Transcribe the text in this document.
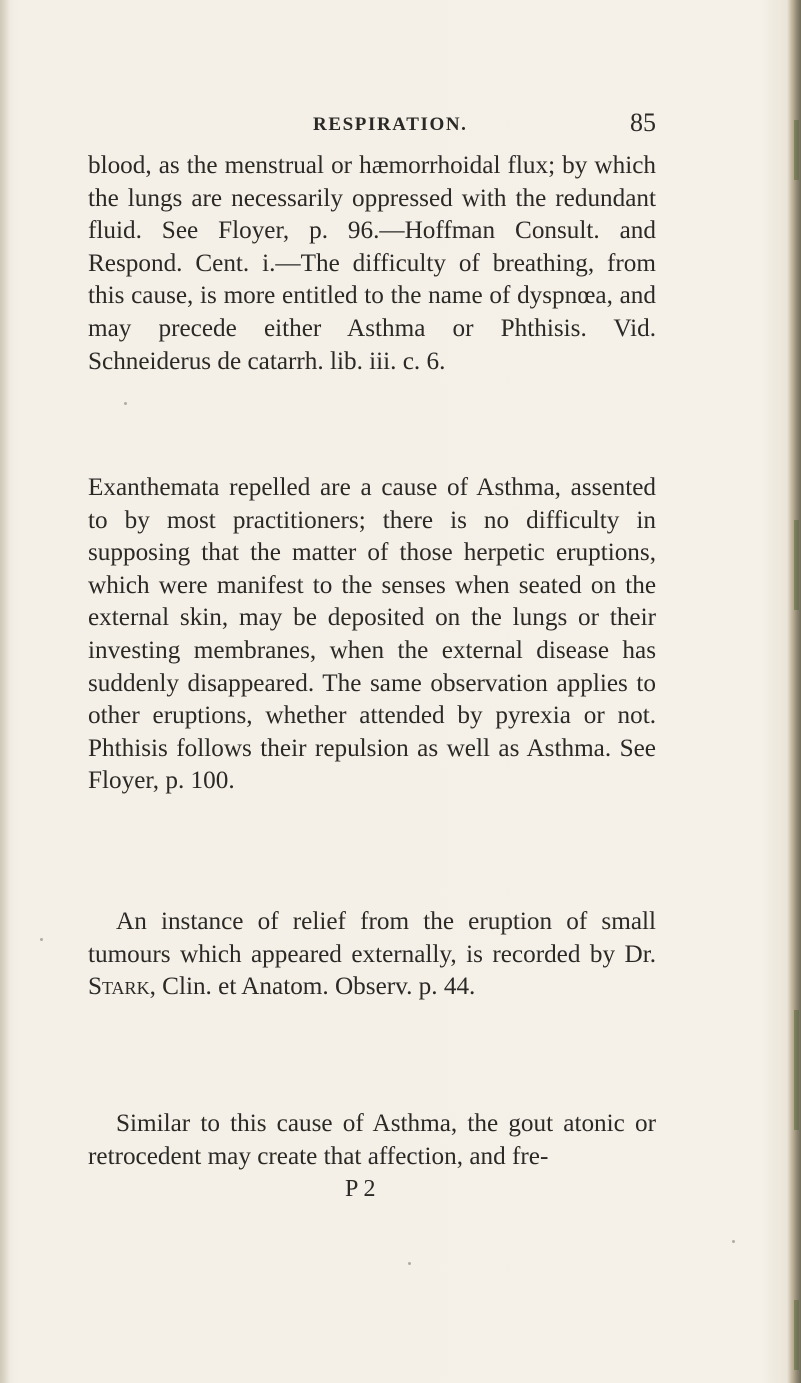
RESPIRATION.	85

blood, as the menstrual or hæmorrhoidal flux; by which the lungs are necessarily oppressed with the redundant fluid. See Floyer, p. 96.—Hoffman Consult. and Respond. Cent. i.—The difficulty of breathing, from this cause, is more entitled to the name of dyspnœa, and may precede either Asthma or Phthisis. Vid. Schneiderus de catarrh. lib. iii. c. 6.

Exanthemata repelled are a cause of Asthma, assented to by most practitioners; there is no difficulty in supposing that the matter of those herpetic eruptions, which were manifest to the senses when seated on the external skin, may be deposited on the lungs or their investing membranes, when the external disease has suddenly disappeared. The same observation applies to other eruptions, whether attended by pyrexia or not. Phthisis follows their repulsion as well as Asthma. See Floyer, p. 100.

An instance of relief from the eruption of small tumours which appeared externally, is recorded by Dr. Stark, Clin. et Anatom. Observ. p. 44.

Similar to this cause of Asthma, the gout atonic or retrocedent may create that affection, and fre-

P 2
